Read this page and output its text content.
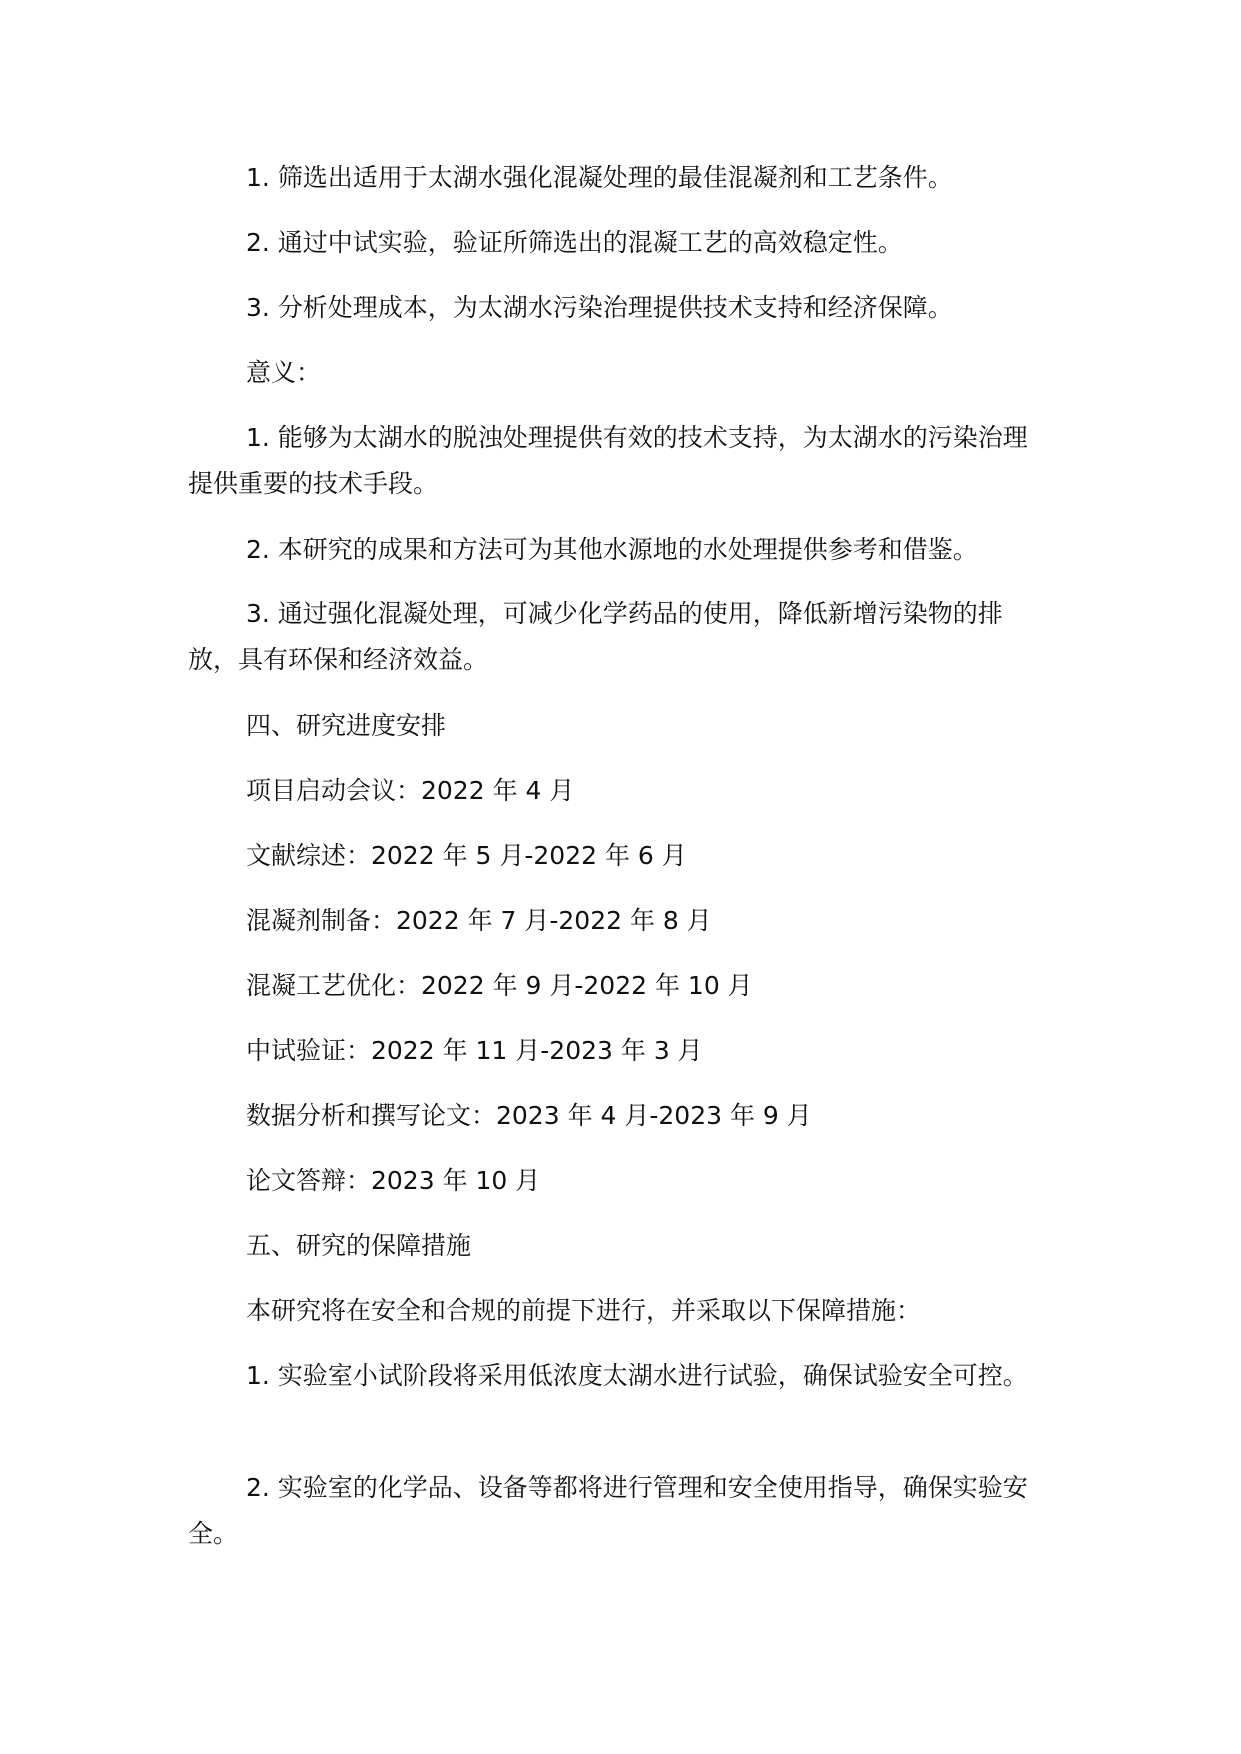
1. 筛选出适用于太湖水强化混凝处理的最佳混凝剂和工艺条件。

2. 通过中试实验，验证所筛选出的混凝工艺的高效稳定性。

3. 分析处理成本，为太湖水污染治理提供技术支持和经济保障。

意义：

1. 能够为太湖水的脱浊处理提供有效的技术支持，为太湖水的污染治理提供重要的技术手段。

2. 本研究的成果和方法可为其他水源地的水处理提供参考和借鉴。

3. 通过强化混凝处理，可减少化学药品的使用，降低新增污染物的排放，具有环保和经济效益。

四、研究进度安排

项目启动会议：2022 年 4 月

文献综述：2022 年 5 月-2022 年 6 月

混凝剂制备：2022 年 7 月-2022 年 8 月

混凝工艺优化：2022 年 9 月-2022 年 10 月

中试验证：2022 年 11 月-2023 年 3 月

数据分析和撰写论文：2023 年 4 月-2023 年 9 月

论文答辩：2023 年 10 月

五、研究的保障措施

本研究将在安全和合规的前提下进行，并采取以下保障措施：

1. 实验室小试阶段将采用低浓度太湖水进行试验，确保试验安全可控。

2. 实验室的化学品、设备等都将进行管理和安全使用指导，确保实验安全。
